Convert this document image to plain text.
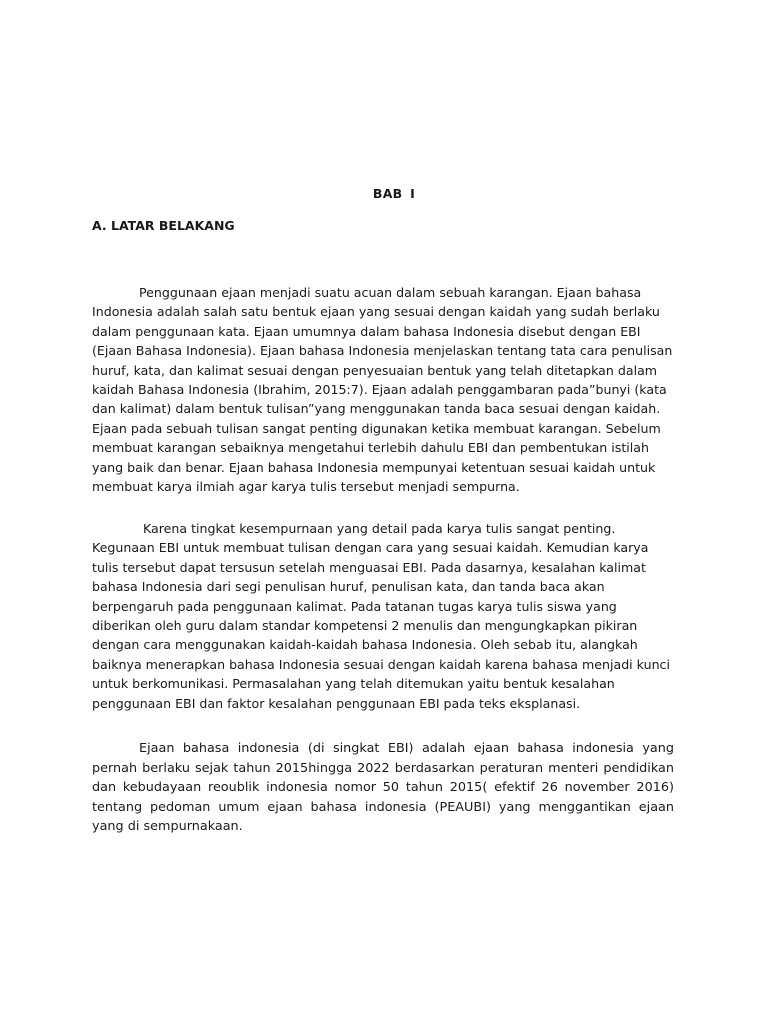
BAB I
A. LATAR BELAKANG

Penggunaan ejaan menjadi suatu acuan dalam sebuah karangan. Ejaan bahasa Indonesia adalah salah satu bentuk ejaan yang sesuai dengan kaidah yang sudah berlaku dalam penggunaan kata. Ejaan umumnya dalam bahasa Indonesia disebut dengan EBI (Ejaan Bahasa Indonesia). Ejaan bahasa Indonesia menjelaskan tentang tata cara penulisan huruf, kata, dan kalimat sesuai dengan penyesuaian bentuk yang telah ditetapkan dalam kaidah Bahasa Indonesia (Ibrahim, 2015:7). Ejaan adalah penggambaran pada”bunyi (kata dan kalimat) dalam bentuk tulisan”yang menggunakan tanda baca sesuai dengan kaidah. Ejaan pada sebuah tulisan sangat penting digunakan ketika membuat karangan. Sebelum membuat karangan sebaiknya mengetahui terlebih dahulu EBI dan pembentukan istilah yang baik dan benar. Ejaan bahasa Indonesia mempunyai ketentuan sesuai kaidah untuk membuat karya ilmiah agar karya tulis tersebut menjadi sempurna.

Karena tingkat kesempurnaan yang detail pada karya tulis sangat penting. Kegunaan EBI untuk membuat tulisan dengan cara yang sesuai kaidah. Kemudian karya tulis tersebut dapat tersusun setelah menguasai EBI. Pada dasarnya, kesalahan kalimat bahasa Indonesia dari segi penulisan huruf, penulisan kata, dan tanda baca akan berpengaruh pada penggunaan kalimat. Pada tatanan tugas karya tulis siswa yang diberikan oleh guru dalam standar kompetensi 2 menulis dan mengungkapkan pikiran dengan cara menggunakan kaidah-kaidah bahasa Indonesia. Oleh sebab itu, alangkah baiknya menerapkan bahasa Indonesia sesuai dengan kaidah karena bahasa menjadi kunci untuk berkomunikasi. Permasalahan yang telah ditemukan yaitu bentuk kesalahan penggunaan EBI dan faktor kesalahan penggunaan EBI pada teks eksplanasi.

Ejaan bahasa indonesia (di singkat EBI) adalah ejaan bahasa indonesia yang pernah berlaku sejak tahun 2015hingga 2022 berdasarkan peraturan menteri pendidikan dan kebudayaan reoublik indonesia nomor 50 tahun 2015( efektif 26 november 2016) tentang pedoman umum ejaan bahasa indonesia (PEAUBI) yang menggantikan ejaan yang di sempurnakaan.
